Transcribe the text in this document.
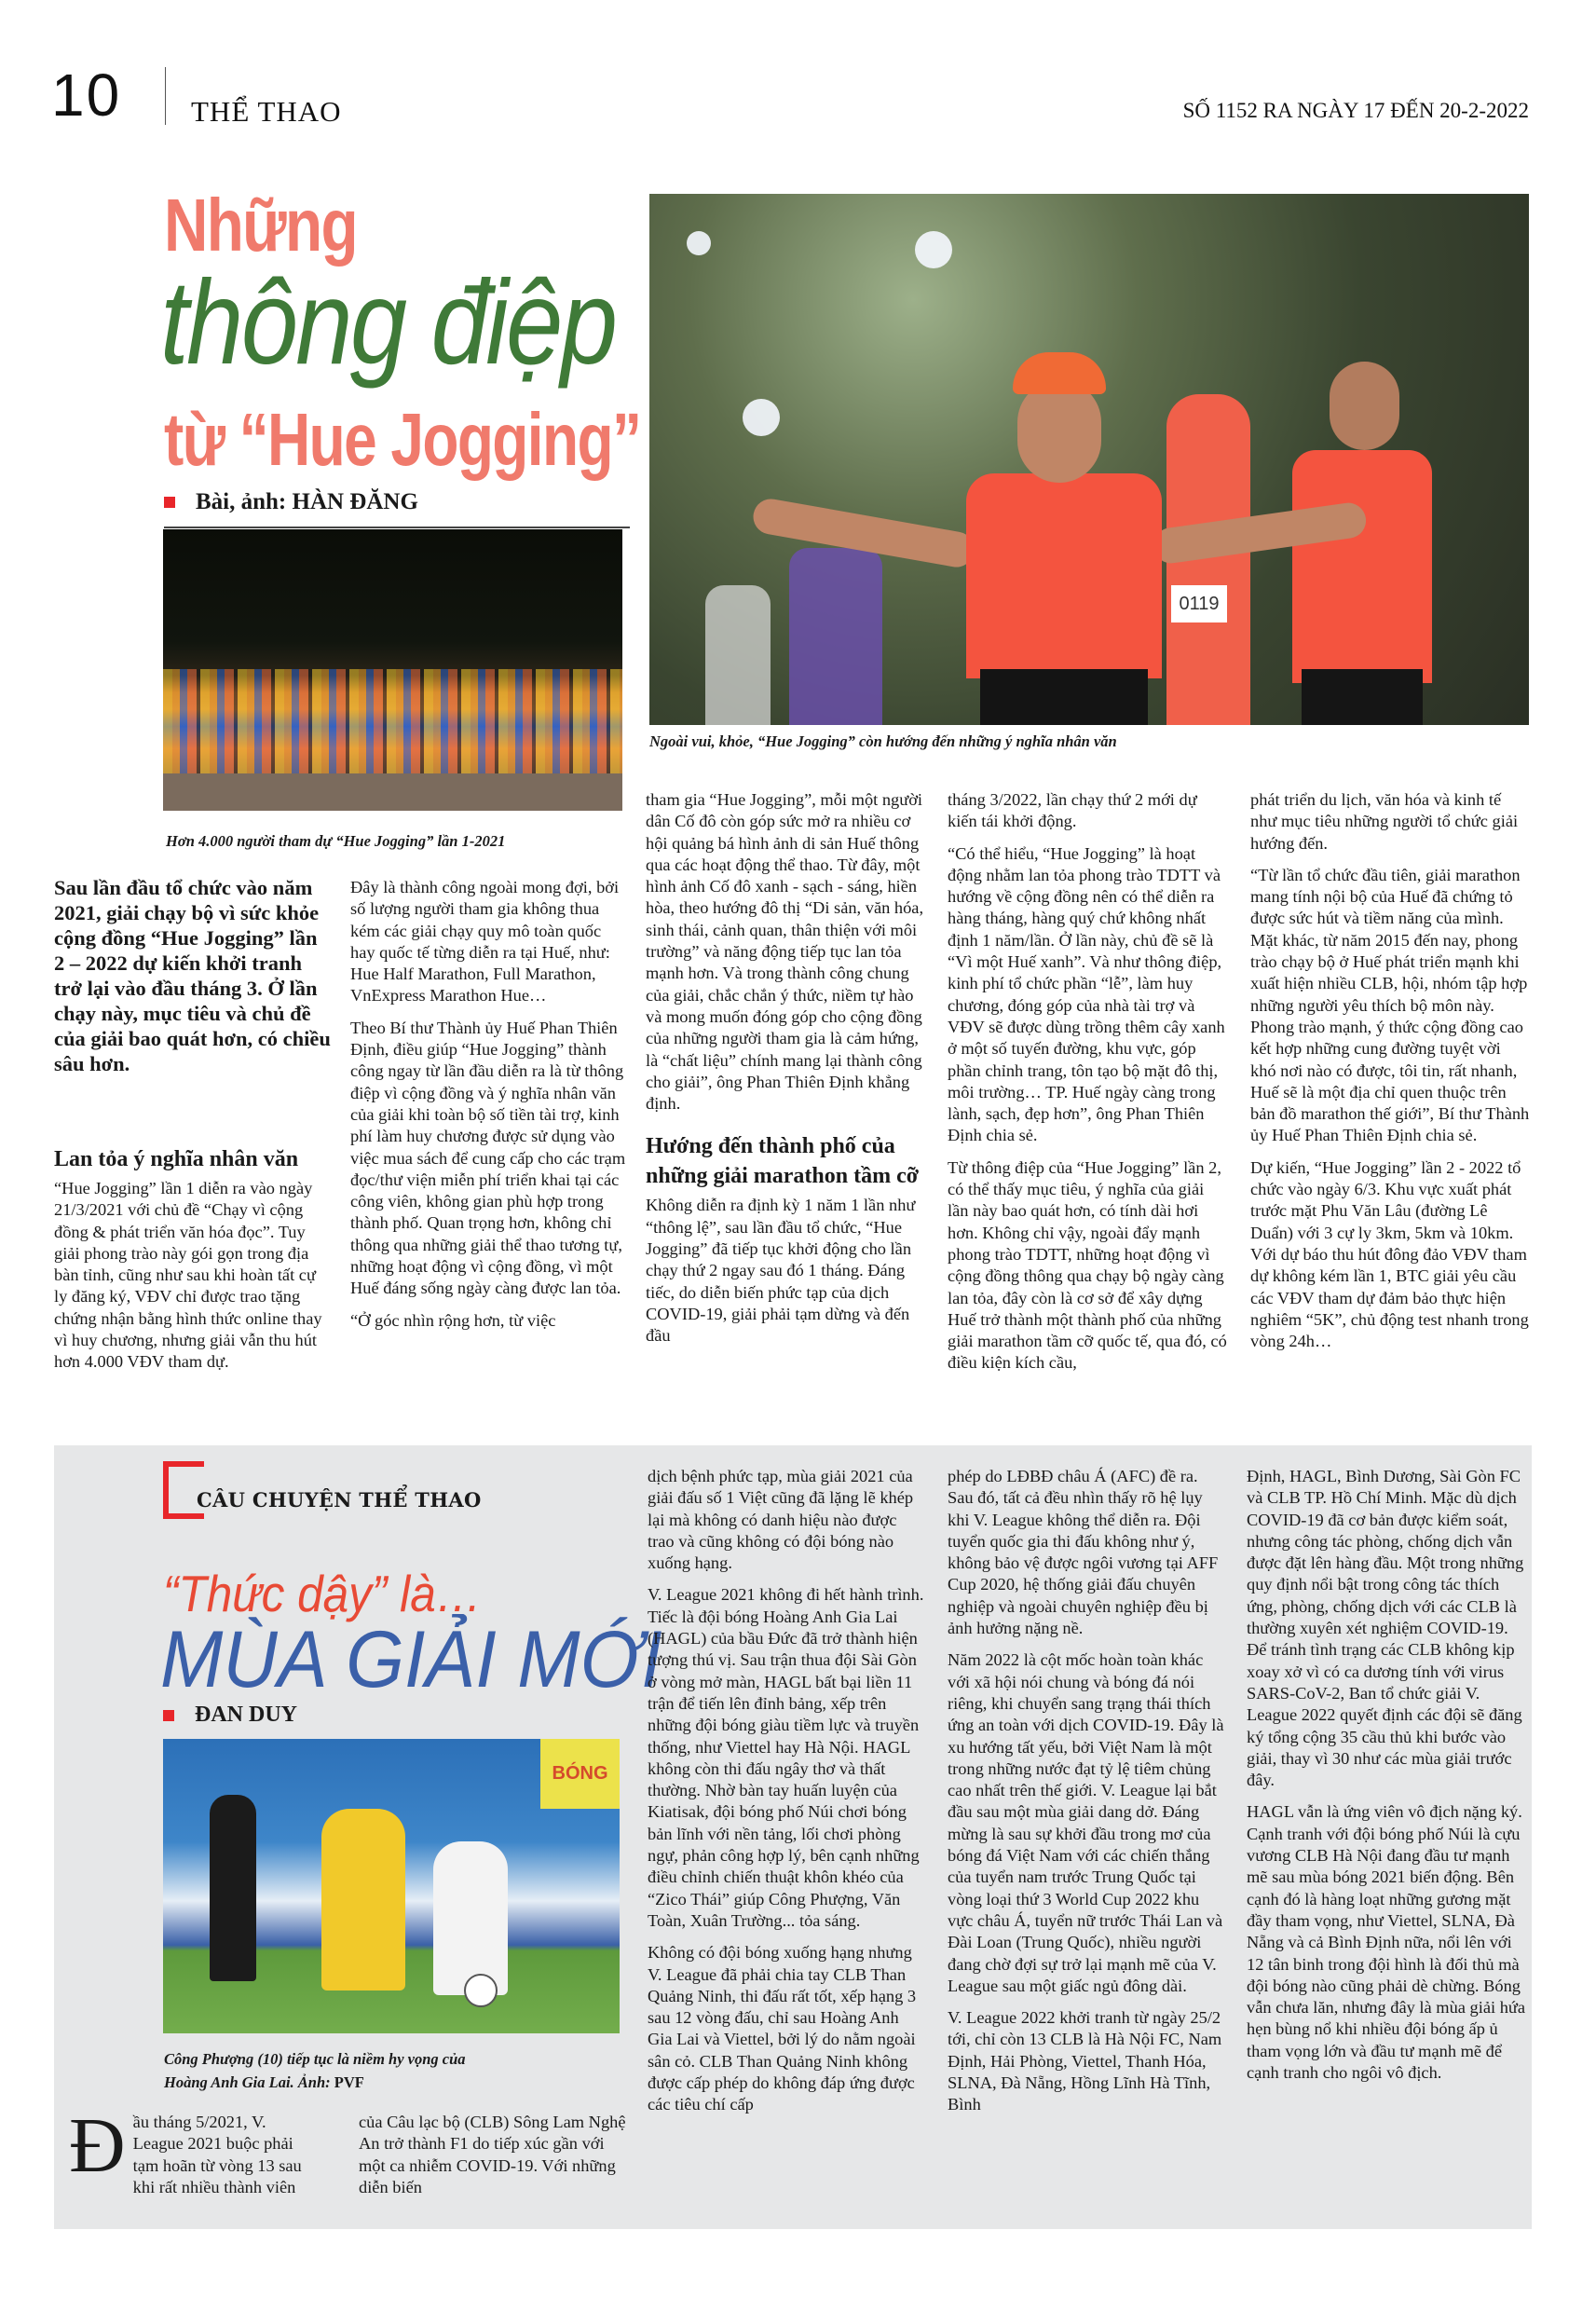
10 THỂ THAO	SỐ 1152 RA NGÀY 17 ĐẾN 20-2-2022
Những
thông điệp
từ “Hue Jogging”
Bài, ảnh: HÀN ĐĂNG
Hơn 4.000 người tham dự “Hue Jogging” lần 1-2021
0119
Ngoài vui, khỏe, “Hue Jogging” còn hướng đến những ý nghĩa nhân văn
Sau lần đầu tổ chức vào năm 2021, giải chạy bộ vì sức khỏe cộng đồng “Hue Jogging” lần 2 – 2022 dự kiến khởi tranh trở lại vào đầu tháng 3. Ở lần chạy này, mục tiêu và chủ đề của giải bao quát hơn, có chiều sâu hơn.
Lan tỏa ý nghĩa nhân văn

“Hue Jogging” lần 1 diễn ra vào ngày 21/3/2021 với chủ đề “Chạy vì cộng đồng & phát triển văn hóa đọc”. Tuy giải phong trào này gói gọn trong địa bàn tỉnh, cũng như sau khi hoàn tất cự ly đăng ký, VĐV chỉ được trao tặng chứng nhận bằng hình thức online thay vì huy chương, nhưng giải vẫn thu hút hơn 4.000 VĐV tham dự.

Đây là thành công ngoài mong đợi, bởi số lượng người tham gia không thua kém các giải chạy quy mô toàn quốc hay quốc tế từng diễn ra tại Huế, như: Hue Half Marathon, Full Marathon, VnExpress Marathon Hue…

Theo Bí thư Thành ủy Huế Phan Thiên Định, điều giúp “Hue Jogging” thành công ngay từ lần đầu diễn ra là từ thông điệp vì cộng đồng và ý nghĩa nhân văn của giải khi toàn bộ số tiền tài trợ, kinh phí làm huy chương được sử dụng vào việc mua sách để cung cấp cho các trạm đọc/thư viện miễn phí triển khai tại các công viên, không gian phù hợp trong thành phố. Quan trọng hơn, không chỉ thông qua những giải thể thao tương tự, những hoạt động vì cộng đồng, vì một Huế đáng sống ngày càng được lan tỏa.

“Ở góc nhìn rộng hơn, từ việc

tham gia “Hue Jogging”, mỗi một người dân Cố đô còn góp sức mở ra nhiều cơ hội quảng bá hình ảnh di sản Huế thông qua các hoạt động thể thao. Từ đây, một hình ảnh Cố đô xanh - sạch - sáng, hiền hòa, theo hướng đô thị “Di sản, văn hóa, sinh thái, cảnh quan, thân thiện với môi trường” và năng động tiếp tục lan tỏa mạnh hơn. Và trong thành công chung của giải, chắc chắn ý thức, niềm tự hào và mong muốn đóng góp cho cộng đồng của những người tham gia là cảm hứng, là “chất liệu” chính mang lại thành công cho giải”, ông Phan Thiên Định khẳng định.

Hướng đến thành phố của những giải marathon tầm cỡ

Không diễn ra định kỳ 1 năm 1 lần như “thông lệ”, sau lần đầu tổ chức, “Hue Jogging” đã tiếp tục khởi động cho lần chạy thứ 2 ngay sau đó 1 tháng. Đáng tiếc, do diễn biến phức tạp của dịch COVID-19, giải phải tạm dừng và đến đầu

tháng 3/2022, lần chạy thứ 2 mới dự kiến tái khởi động.

“Có thể hiểu, “Hue Jogging” là hoạt động nhằm lan tỏa phong trào TDTT và hướng về cộng đồng nên có thể diễn ra hàng tháng, hàng quý chứ không nhất định 1 năm/lần. Ở lần này, chủ đề sẽ là “Vì một Huế xanh”. Và như thông điệp, kinh phí tổ chức phần “lễ”, làm huy chương, đóng góp của nhà tài trợ và VĐV sẽ được dùng trồng thêm cây xanh ở một số tuyến đường, khu vực, góp phần chỉnh trang, tôn tạo bộ mặt đô thị, môi trường… TP. Huế ngày càng trong lành, sạch, đẹp hơn”, ông Phan Thiên Định chia sẻ.

Từ thông điệp của “Hue Jogging” lần 2, có thể thấy mục tiêu, ý nghĩa của giải lần này bao quát hơn, có tính dài hơi hơn. Không chỉ vậy, ngoài đẩy mạnh phong trào TDTT, những hoạt động vì cộng đồng thông qua chạy bộ ngày càng lan tỏa, đây còn là cơ sở để xây dựng Huế trở thành một thành phố của những giải marathon tầm cỡ quốc tế, qua đó, có điều kiện kích cầu,

phát triển du lịch, văn hóa và kinh tế như mục tiêu những người tổ chức giải hướng đến.

“Từ lần tổ chức đầu tiên, giải marathon mang tính nội bộ của Huế đã chứng tỏ được sức hút và tiềm năng của mình. Mặt khác, từ năm 2015 đến nay, phong trào chạy bộ ở Huế phát triển mạnh khi xuất hiện nhiều CLB, hội, nhóm tập hợp những người yêu thích bộ môn này. Phong trào mạnh, ý thức cộng đồng cao kết hợp những cung đường tuyệt vời khó nơi nào có được, tôi tin, rất nhanh, Huế sẽ là một địa chỉ quen thuộc trên bản đồ marathon thế giới”, Bí thư Thành ủy Huế Phan Thiên Định chia sẻ.

Dự kiến, “Hue Jogging” lần 2 - 2022 tổ chức vào ngày 6/3. Khu vực xuất phát trước mặt Phu Văn Lâu (đường Lê Duẩn) với 3 cự ly 3km, 5km và 10km. Với dự báo thu hút đông đảo VĐV tham dự không kém lần 1, BTC giải yêu cầu các VĐV tham dự đảm bảo thực hiện nghiêm “5K”, chủ động test nhanh trong vòng 24h…

CÂU CHUYỆN THỂ THAO
“Thức dậy” là…
MÙA GIẢI MỚI
ĐAN DUY
BÓNG
Công Phượng (10) tiếp tục là niềm hy vọng của Hoàng Anh Gia Lai. Ảnh: PVF
Đ ầu tháng 5/2021, V. League 2021 buộc phải tạm hoãn từ vòng 13 sau khi rất nhiều thành viên

của Câu lạc bộ (CLB) Sông Lam Nghệ An trở thành F1 do tiếp xúc gần với một ca nhiễm COVID-19. Với những diễn biến

dịch bệnh phức tạp, mùa giải 2021 của giải đấu số 1 Việt cũng đã lặng lẽ khép lại mà không có danh hiệu nào được trao và cũng không có đội bóng nào xuống hạng.

V. League 2021 không đi hết hành trình. Tiếc là đội bóng Hoàng Anh Gia Lai (HAGL) của bầu Đức đã trở thành hiện tượng thú vị. Sau trận thua đội Sài Gòn ở vòng mở màn, HAGL bất bại liền 11 trận để tiến lên đỉnh bảng, xếp trên những đội bóng giàu tiềm lực và truyền thống, như Viettel hay Hà Nội. HAGL không còn thi đấu ngây thơ và thất thường. Nhờ bàn tay huấn luyện của Kiatisak, đội bóng phố Núi chơi bóng bản lĩnh với nền tảng, lối chơi phòng ngự, phản công hợp lý, bên cạnh những điều chỉnh chiến thuật khôn khéo của “Zico Thái” giúp Công Phượng, Văn Toàn, Xuân Trường... tỏa sáng.

Không có đội bóng xuống hạng nhưng V. League đã phải chia tay CLB Than Quảng Ninh, thi đấu rất tốt, xếp hạng 3 sau 12 vòng đấu, chỉ sau Hoàng Anh Gia Lai và Viettel, bởi lý do nằm ngoài sân cỏ. CLB Than Quảng Ninh không được cấp phép do không đáp ứng được các tiêu chí cấp

phép do LĐBĐ châu Á (AFC) đề ra. Sau đó, tất cả đều nhìn thấy rõ hệ lụy khi V. League không thể diễn ra. Đội tuyển quốc gia thi đấu không như ý, không bảo vệ được ngôi vương tại AFF Cup 2020, hệ thống giải đấu chuyên nghiệp và ngoài chuyên nghiệp đều bị ảnh hưởng nặng nề.

Năm 2022 là cột mốc hoàn toàn khác với xã hội nói chung và bóng đá nói riêng, khi chuyển sang trạng thái thích ứng an toàn với dịch COVID-19. Đây là xu hướng tất yếu, bởi Việt Nam là một trong những nước đạt tỷ lệ tiêm chủng cao nhất trên thế giới. V. League lại bắt đầu sau một mùa giải dang dở. Đáng mừng là sau sự khởi đầu trong mơ của bóng đá Việt Nam với các chiến thắng của tuyển nam trước Trung Quốc tại vòng loại thứ 3 World Cup 2022 khu vực châu Á, tuyển nữ trước Thái Lan và Đài Loan (Trung Quốc), nhiều người đang chờ đợi sự trở lại mạnh mẽ của V. League sau một giấc ngủ đông dài.

V. League 2022 khởi tranh từ ngày 25/2 tới, chỉ còn 13 CLB là Hà Nội FC, Nam Định, Hải Phòng, Viettel, Thanh Hóa, SLNA, Đà Nẵng, Hồng Lĩnh Hà Tĩnh, Bình

Định, HAGL, Bình Dương, Sài Gòn FC và CLB TP. Hồ Chí Minh. Mặc dù dịch COVID-19 đã cơ bản được kiểm soát, nhưng công tác phòng, chống dịch vẫn được đặt lên hàng đầu. Một trong những quy định nổi bật trong công tác thích ứng, phòng, chống dịch với các CLB là thường xuyên xét nghiệm COVID-19. Để tránh tình trạng các CLB không kịp xoay xở vì có ca dương tính với virus SARS-CoV-2, Ban tổ chức giải V. League 2022 quyết định các đội sẽ đăng ký tổng cộng 35 cầu thủ khi bước vào giải, thay vì 30 như các mùa giải trước đây.

HAGL vẫn là ứng viên vô địch nặng ký. Cạnh tranh với đội bóng phố Núi là cựu vương CLB Hà Nội đang đầu tư mạnh mẽ sau mùa bóng 2021 biến động. Bên cạnh đó là hàng loạt những gương mặt đầy tham vọng, như Viettel, SLNA, Đà Nẵng và cả Bình Định nữa, nổi lên với 12 tân binh trong đội hình là đối thủ mà đội bóng nào cũng phải dè chừng. Bóng vẫn chưa lăn, nhưng đây là mùa giải hứa hẹn bùng nổ khi nhiều đội bóng ấp ủ tham vọng lớn và đầu tư mạnh mẽ để cạnh tranh cho ngôi vô địch.
